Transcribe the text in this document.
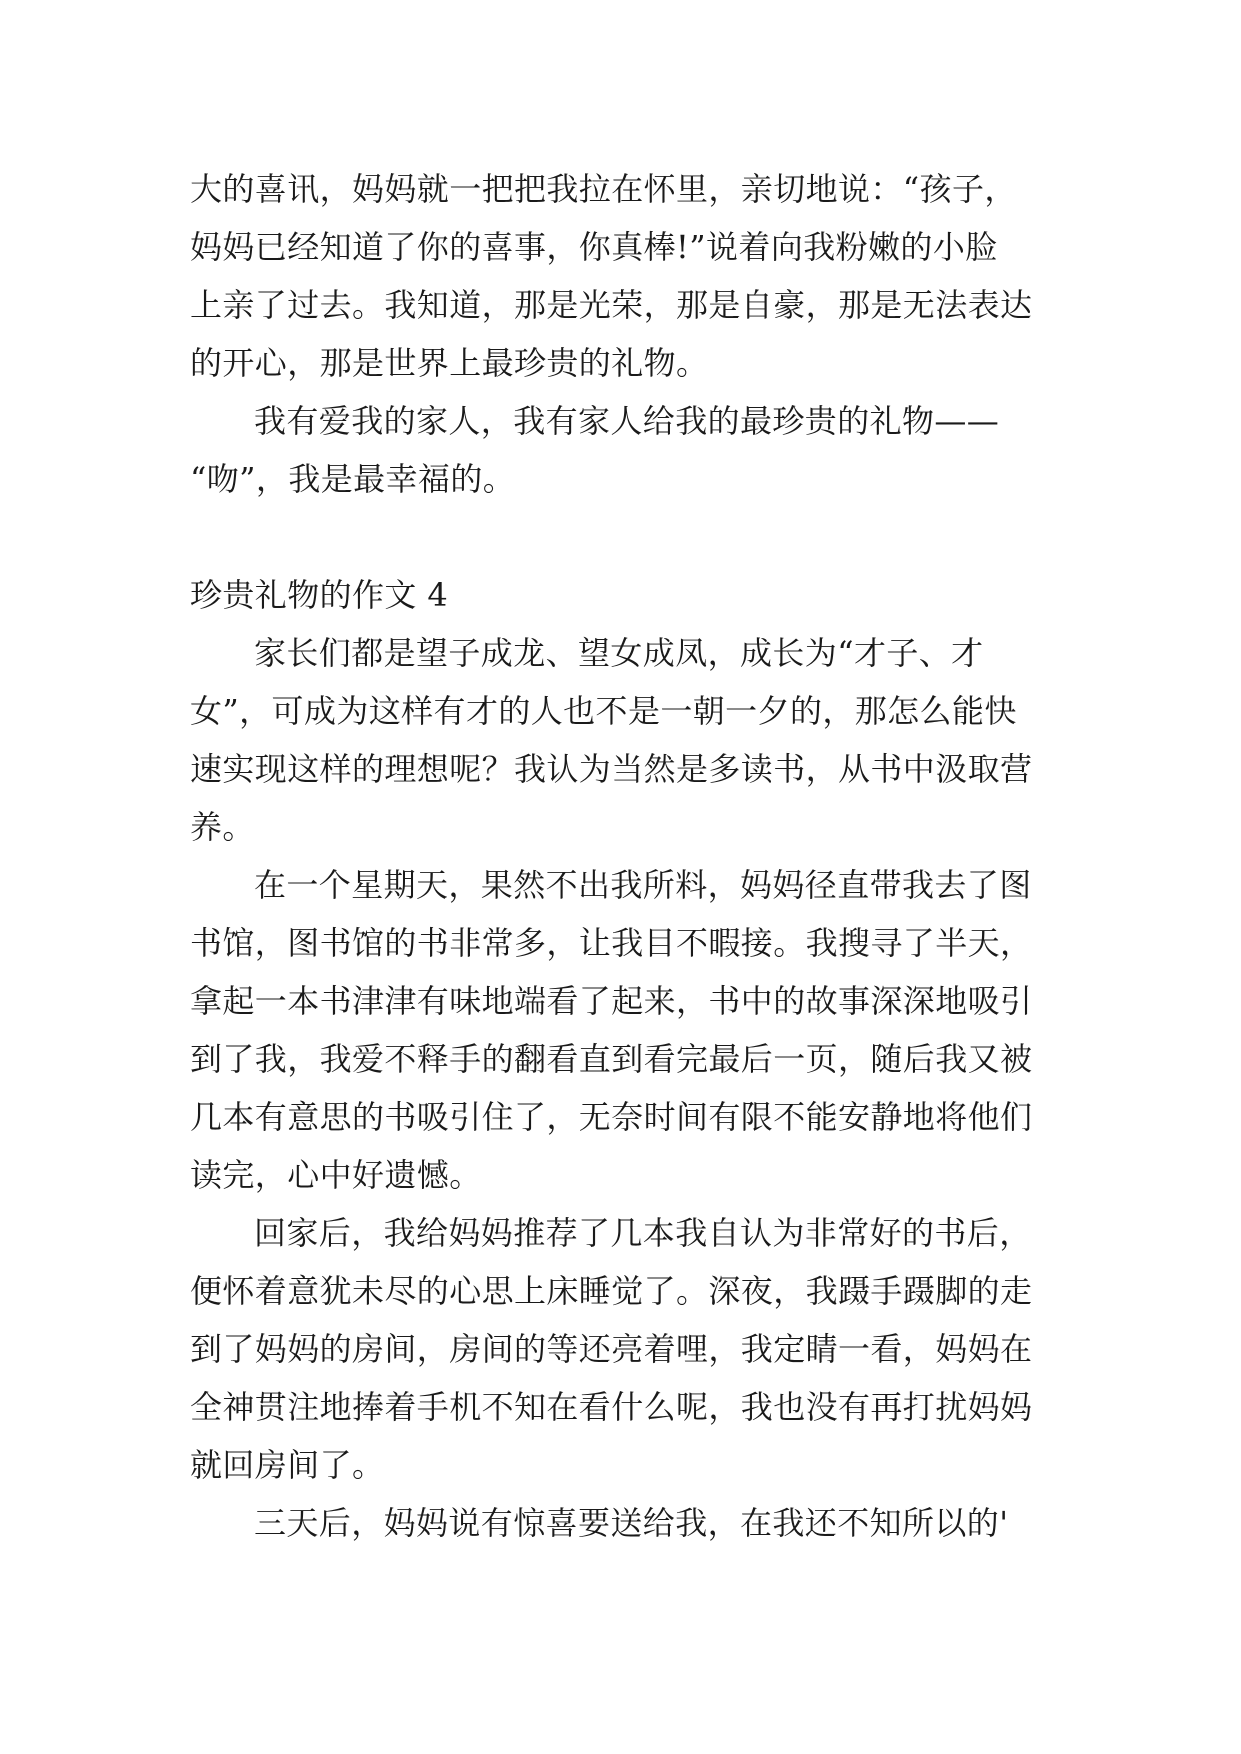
大的喜讯，妈妈就一把把我拉在怀里，亲切地说：“孩子，
妈妈已经知道了你的喜事，你真棒!”说着向我粉嫩的小脸
上亲了过去。我知道，那是光荣，那是自豪，那是无法表达
的开心，那是世界上最珍贵的礼物。

我有爱我的家人，我有家人给我的最珍贵的礼物——

“吻”，我是最幸福的。

珍贵礼物的作文 4

家长们都是望子成龙、望女成凤，成长为“才子、才

女”，可成为这样有才的人也不是一朝一夕的，那怎么能快
速实现这样的理想呢？我认为当然是多读书，从书中汲取营
养。

在一个星期天，果然不出我所料，妈妈径直带我去了图

书馆，图书馆的书非常多，让我目不暇接。我搜寻了半天，
拿起一本书津津有味地端看了起来，书中的故事深深地吸引
到了我，我爱不释手的翻看直到看完最后一页，随后我又被
几本有意思的书吸引住了，无奈时间有限不能安静地将他们
读完，心中好遗憾。

回家后，我给妈妈推荐了几本我自认为非常好的书后，

便怀着意犹未尽的心思上床睡觉了。深夜，我蹑手蹑脚的走
到了妈妈的房间，房间的等还亮着哩，我定睛一看，妈妈在
全神贯注地捧着手机不知在看什么呢，我也没有再打扰妈妈
就回房间了。

三天后，妈妈说有惊喜要送给我，在我还不知所以的'
